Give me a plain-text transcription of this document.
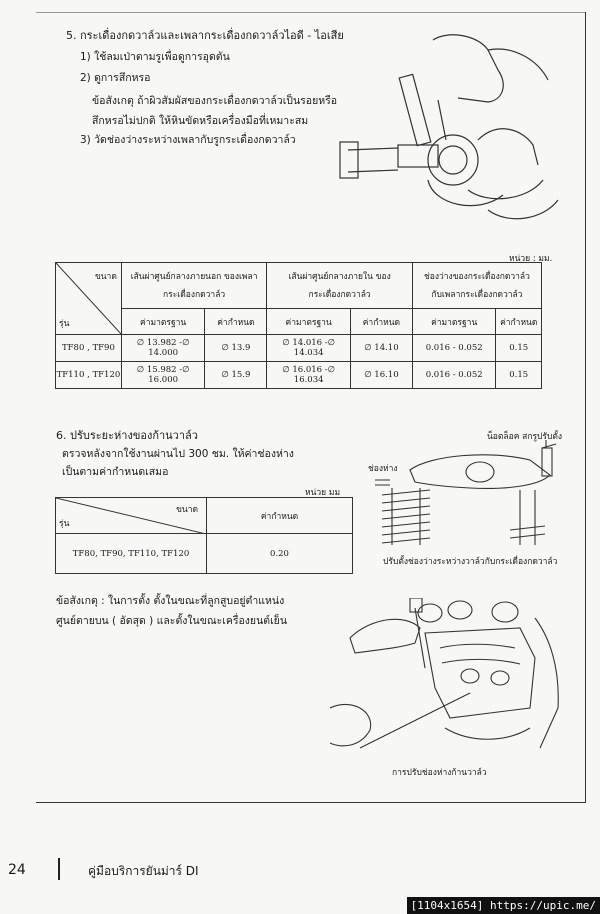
5. กระเดื่องกดวาล์วและเพลากระเดื่องกดวาล์วไอดี - ไอเสีย
1) ใช้ลมเป่าตามรูเพื่อดูการอุดตัน
2) ดูการสึกหรอ
ข้อสังเกตุ ถ้าผิวสัมผัสของกระเดื่องกดวาล์วเป็นรอยหรือ
สึกหรอไม่ปกติ ให้หินขัดหรือเครื่องมือที่เหมาะสม
3) วัดช่องว่างระหว่างเพลากับรูกระเดื่องกดวาล์ว
หน่วย : มม.
ขนาด
รุ่น	เส้นผ่าศูนย์กลางภายนอก ของเพลากระเดื่องกดวาล์ว		เส้นผ่าศูนย์กลางภายใน ของกระเดื่องกดวาล์ว		ช่องว่างของกระเดื่องกดวาล์ว กับเพลากระเดื่องกดวาล์ว	
	ค่ามาตรฐาน	ค่ากำหนด	ค่ามาตรฐาน	ค่ากำหนด	ค่ามาตรฐาน	ค่ากำหนด
TF80 , TF90	∅ 13.982 -∅ 14.000	∅ 13.9	∅ 14.016 -∅ 14.034	∅ 14.10	0.016 - 0.052	0.15
TF110 , TF120	∅ 15.982 -∅ 16.000	∅ 15.9	∅ 16.016 -∅ 16.034	∅ 16.10	0.016 - 0.052	0.15
6. ปรับระยะห่างของก้านวาล์ว
ตรวจหลังจากใช้งานผ่านไป 300 ชม. ให้ค่าช่องห่าง
เป็นตามค่ากำหนดเสมอ
หน่วย มม
ขนาด
รุ่น	ค่ากำหนด
TF80, TF90, TF110, TF120	0.20
น็อตล็อค สกรูปรับตั้ง
ช่องห่าง
ปรับตั้งช่องว่างระหว่างวาล์วกับกระเดื่องกดวาล์ว
ข้อสังเกตุ : ในการตั้ง ตั้งในขณะที่ลูกสูบอยู่ตำแหน่ง
ศูนย์ตายบน ( อัดสุด ) และตั้งในขณะเครื่องยนต์เย็น
การปรับช่องห่างก้านวาล์ว
24	คู่มือบริการยันม่าร์ DI
[1104x1654] https://upic.me/
